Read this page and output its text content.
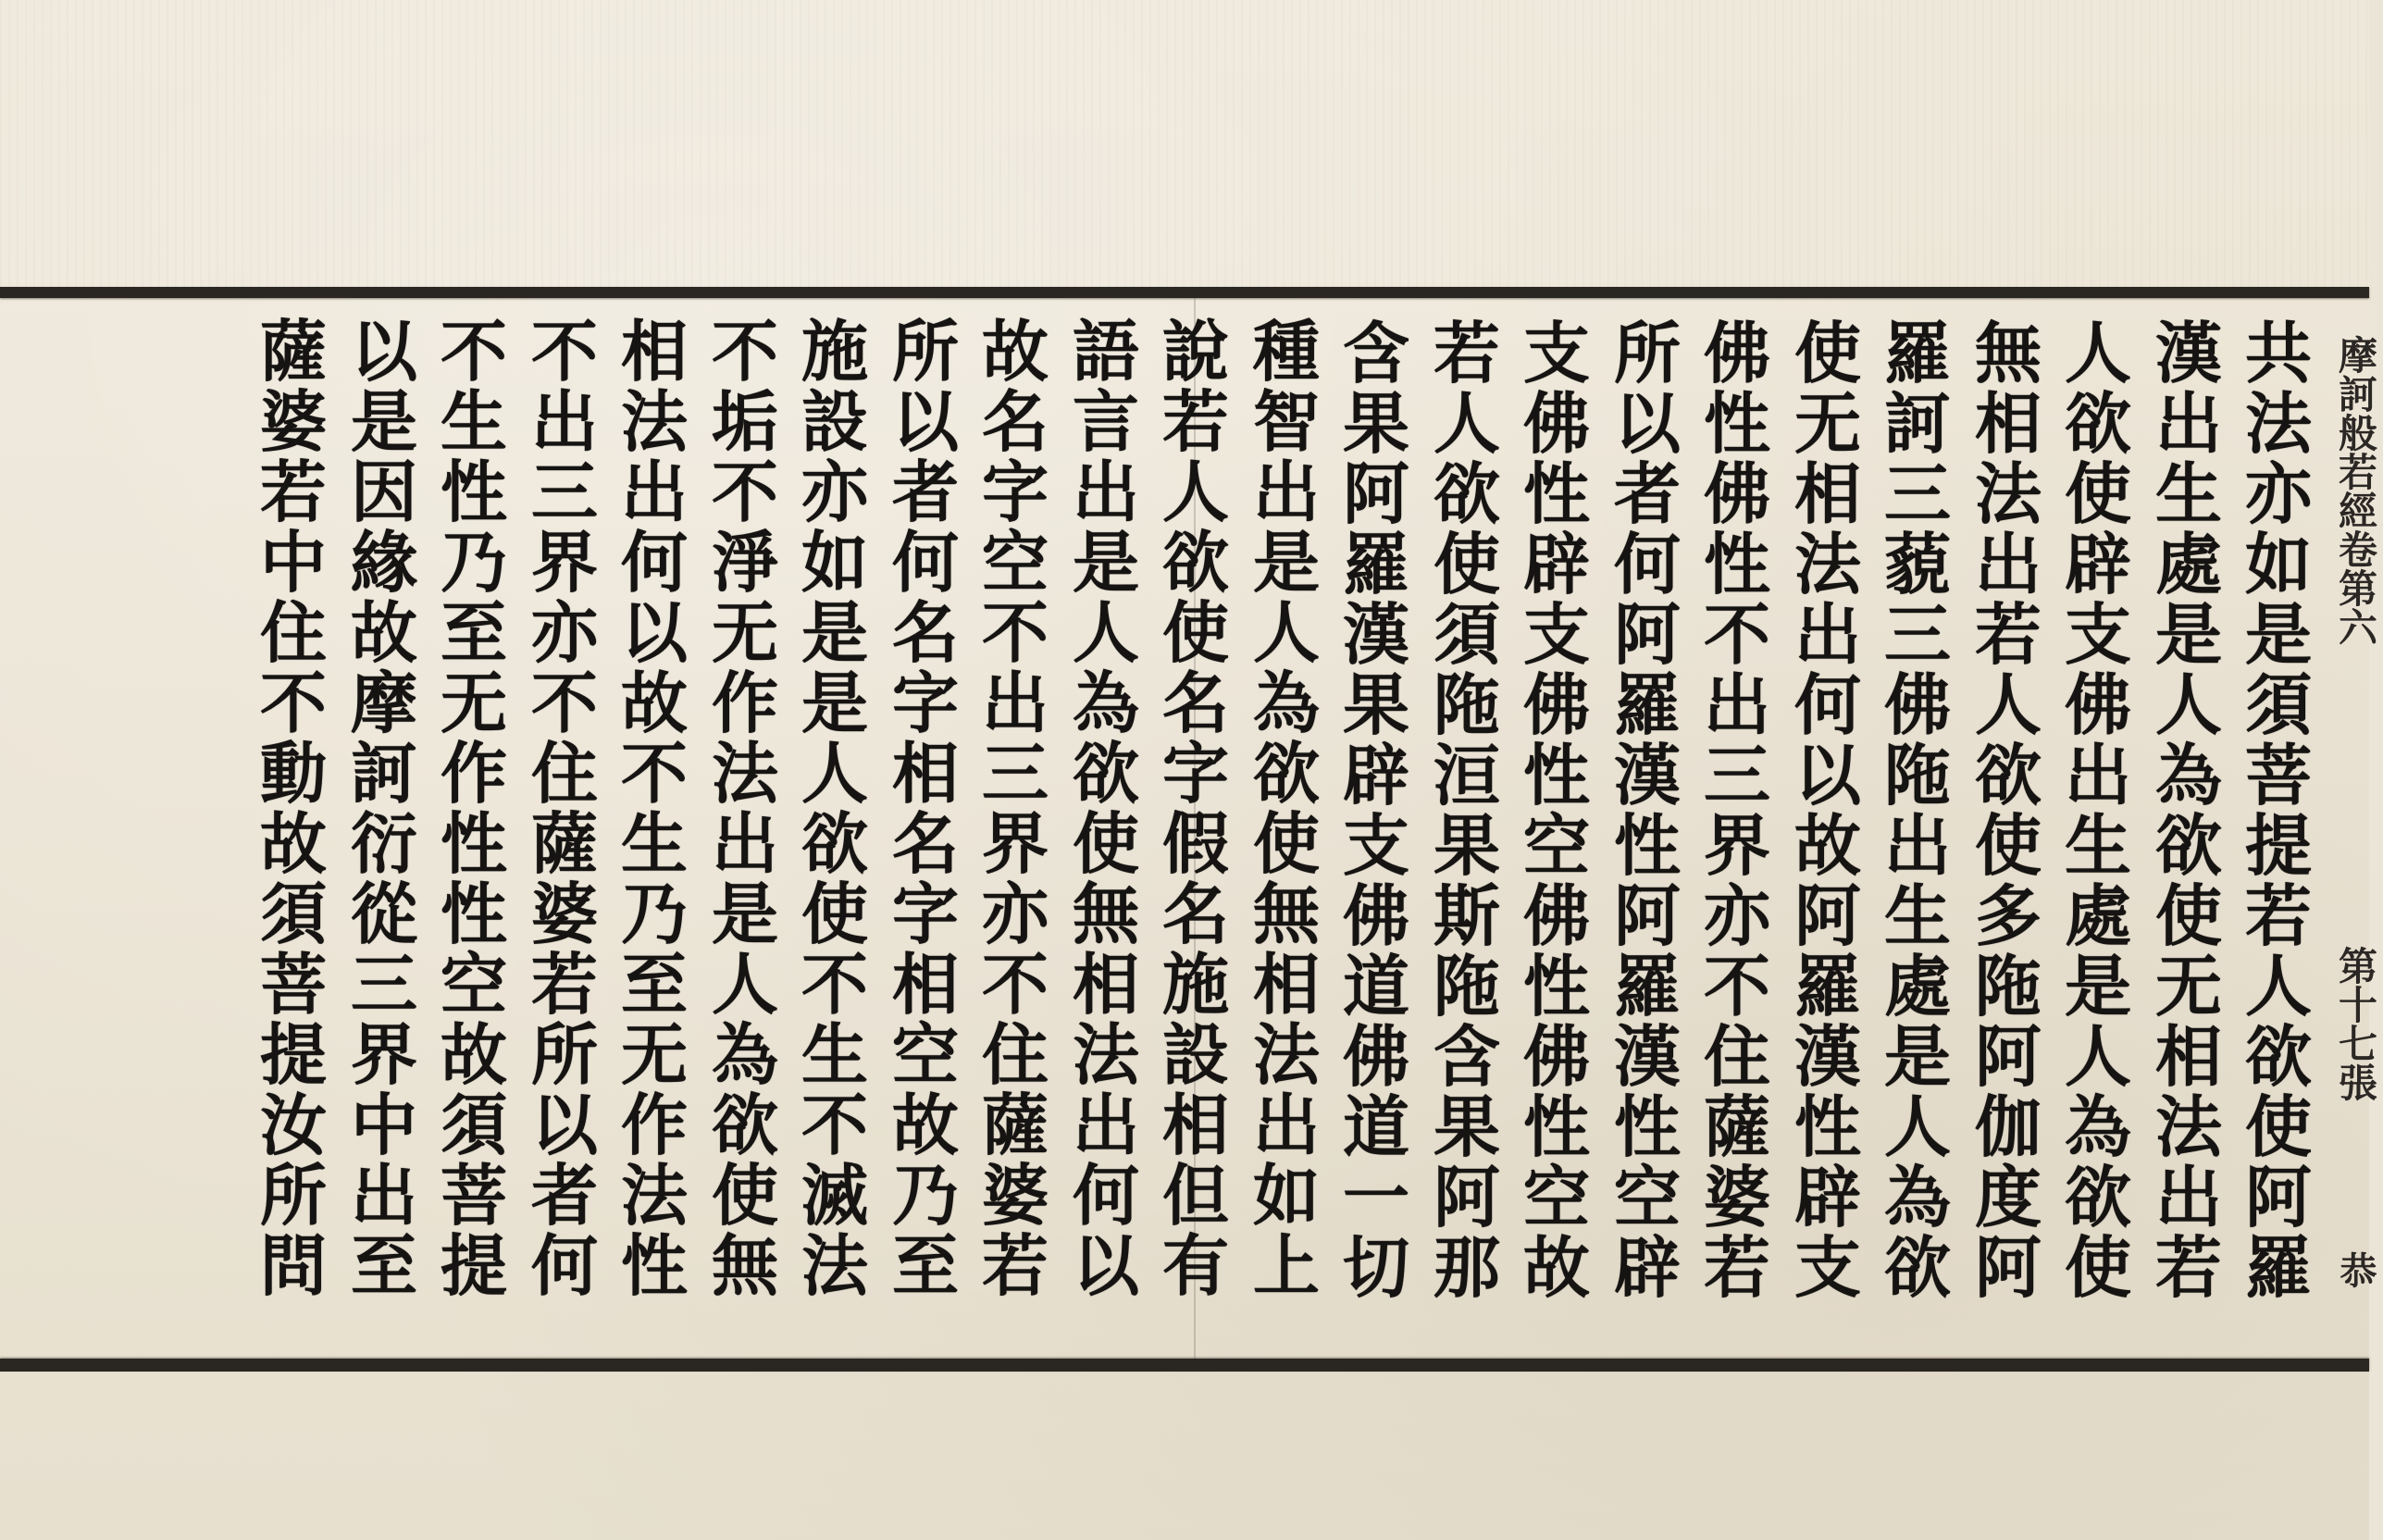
摩訶般若經卷第六
第十七張
恭
共
法
亦
如
是
須
菩
提
若
人
欲
使
阿
羅
漢
出
生
處
是
人
為
欲
使
无
相
法
出
若
人
欲
使
辟
支
佛
出
生
處
是
人
為
欲
使
無
相
法
出
若
人
欲
使
多
陁
阿
伽
度
阿
羅
訶
三
藐
三
佛
陁
出
生
處
是
人
為
欲
使
无
相
法
出
何
以
故
阿
羅
漢
性
辟
支
佛
性
佛
性
不
出
三
界
亦
不
住
薩
婆
若
所
以
者
何
阿
羅
漢
性
阿
羅
漢
性
空
辟
支
佛
性
辟
支
佛
性
空
佛
性
佛
性
空
故
若
人
欲
使
須
陁
洹
果
斯
陁
含
果
阿
那
含
果
阿
羅
漢
果
辟
支
佛
道
佛
道
一
切
種
智
出
是
人
為
欲
使
無
相
法
出
如
上
說
若
人
欲
使
名
字
假
名
施
設
相
但
有
語
言
出
是
人
為
欲
使
無
相
法
出
何
以
故
名
字
空
不
出
三
界
亦
不
住
薩
婆
若
所
以
者
何
名
字
相
名
字
相
空
故
乃
至
施
設
亦
如
是
是
人
欲
使
不
生
不
滅
法
不
垢
不
淨
无
作
法
出
是
人
為
欲
使
無
相
法
出
何
以
故
不
生
乃
至
无
作
法
性
不
出
三
界
亦
不
住
薩
婆
若
所
以
者
何
不
生
性
乃
至
无
作
性
性
空
故
須
菩
提
以
是
因
緣
故
摩
訶
衍
從
三
界
中
出
至
薩
婆
若
中
住
不
動
故
須
菩
提
汝
所
問
